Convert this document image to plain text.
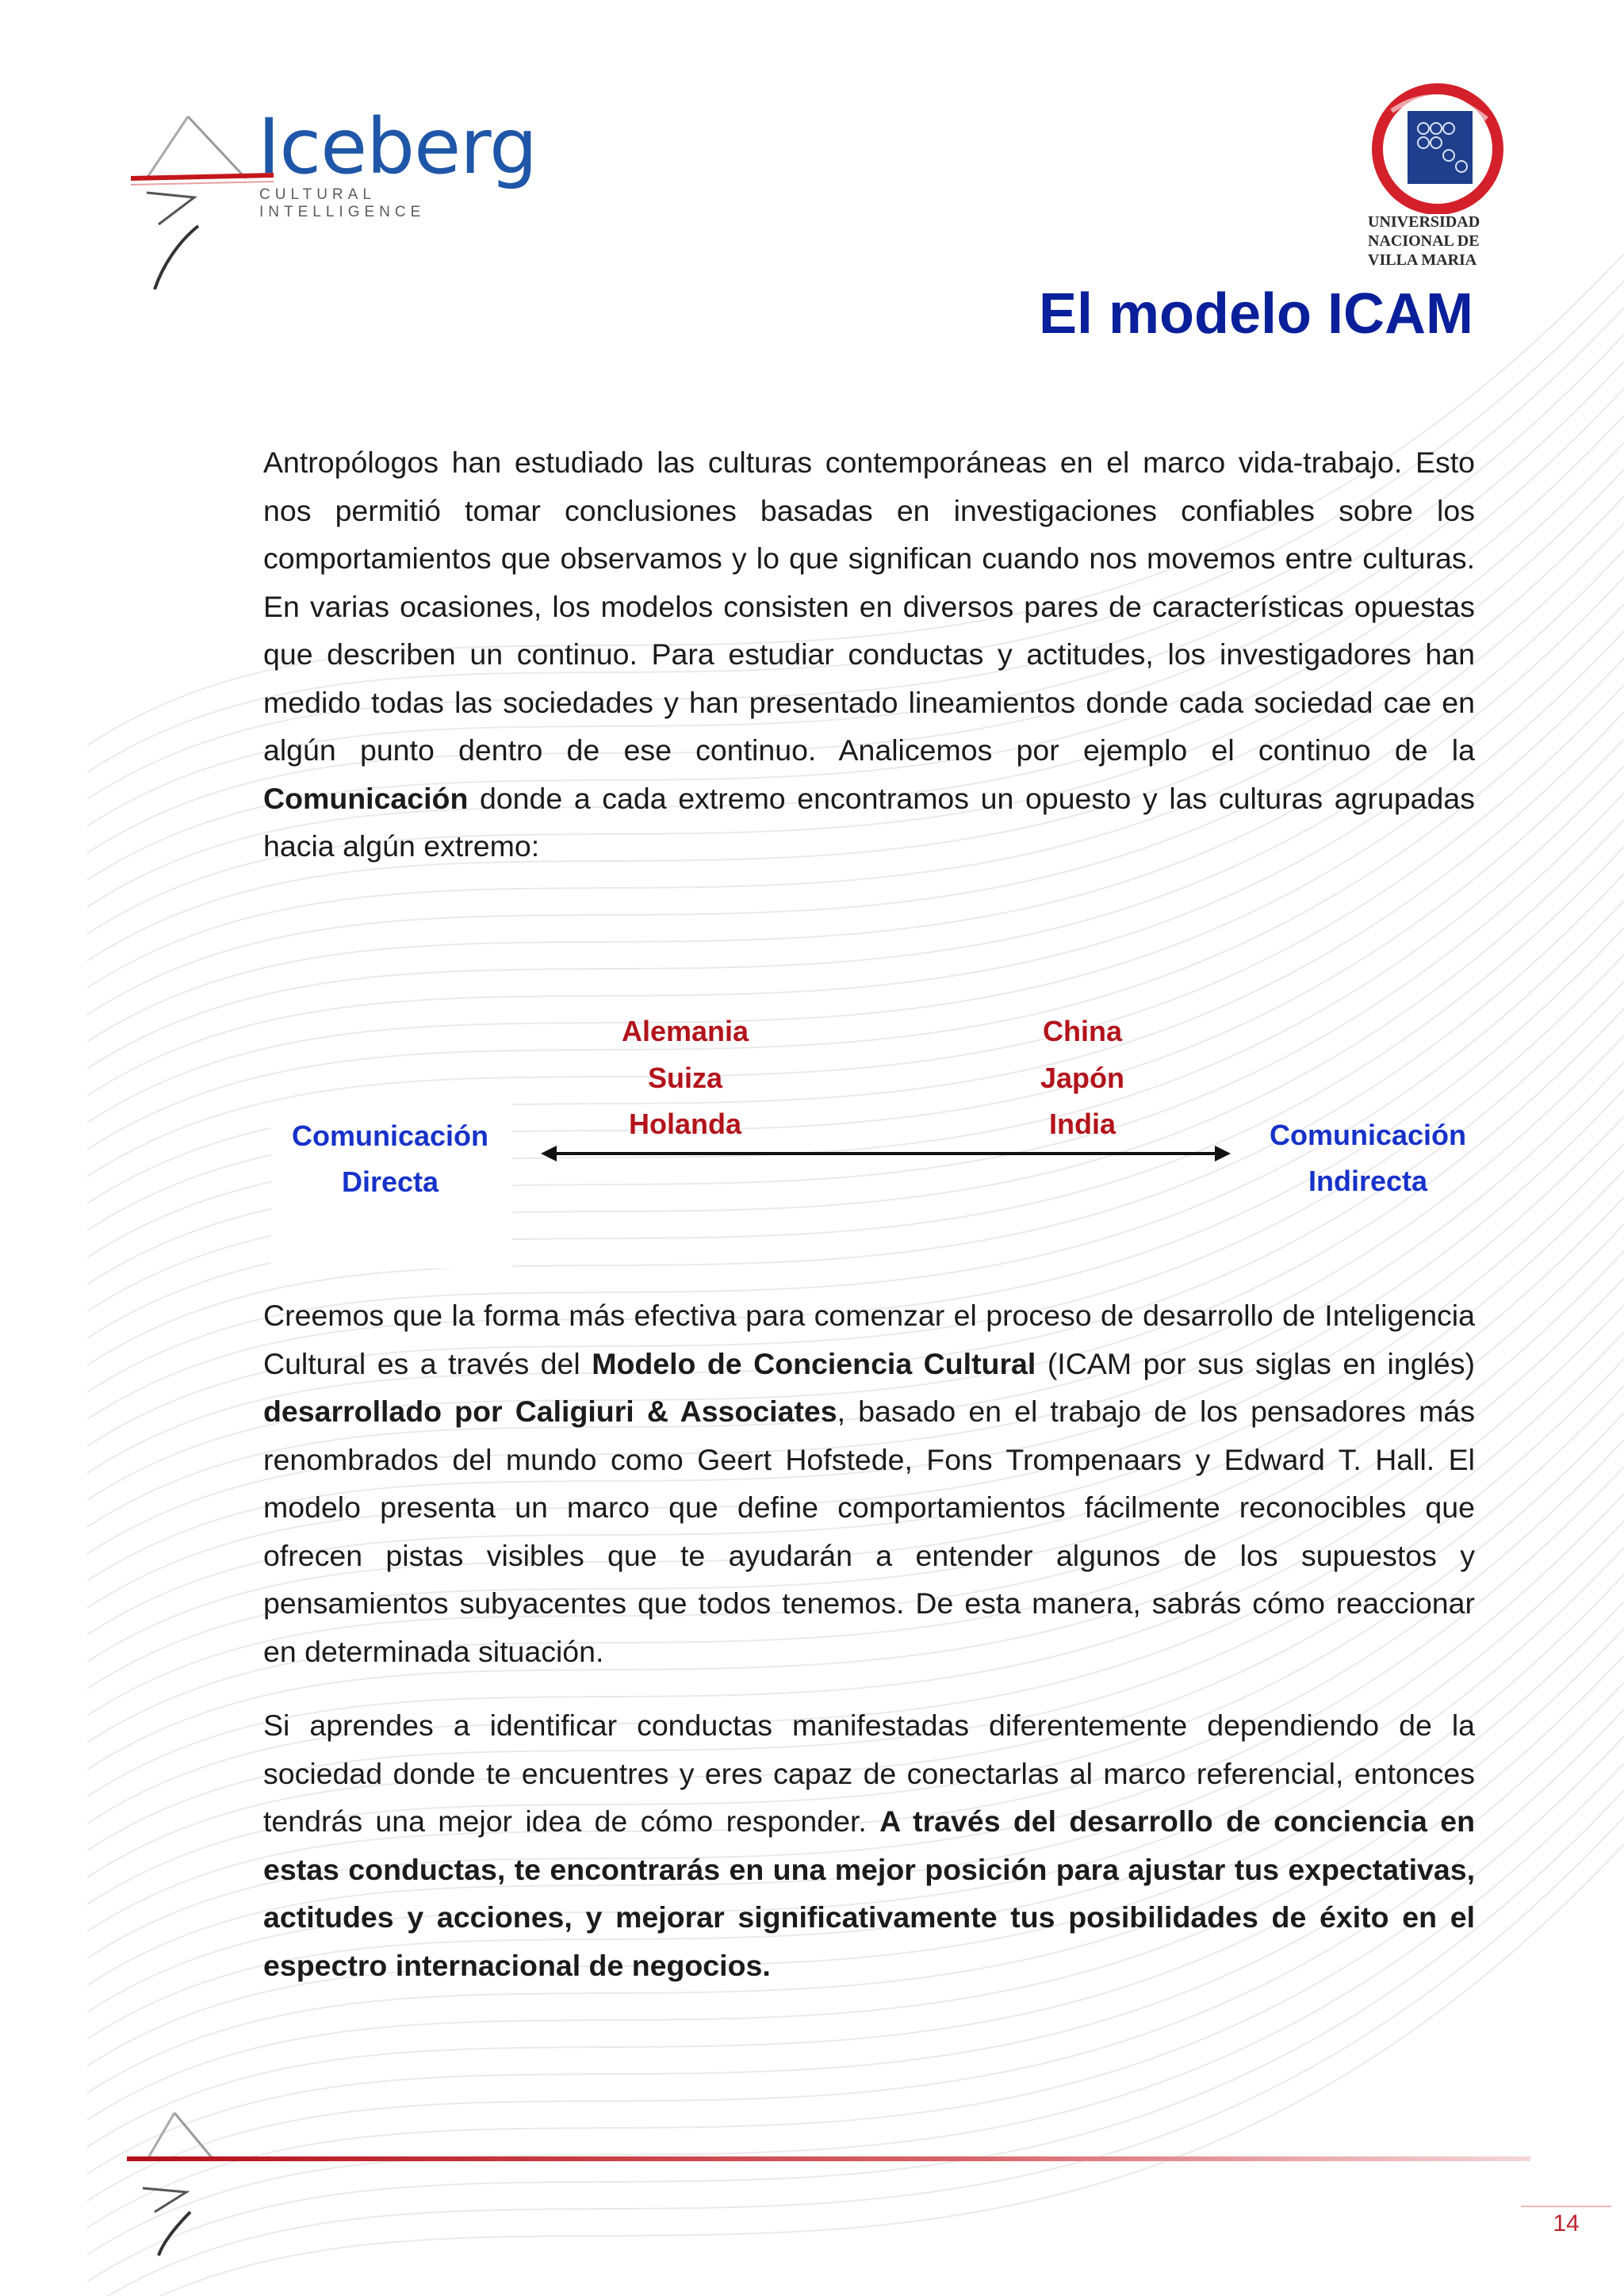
Iceberg
CULTURAL INTELLIGENCE
UNIVERSIDAD
NACIONAL DE
VILLA MARIA
El modelo ICAM

Antropólogos han estudiado las culturas contemporáneas en el marco vida-trabajo. Esto nos permitió tomar conclusiones basadas en investigaciones confiables sobre los comportamientos que observamos y lo que significan cuando nos movemos entre culturas. En varias ocasiones, los modelos consisten en diversos pares de características opuestas que describen un continuo. Para estudiar conductas y actitudes, los investigadores han medido todas las sociedades y han presentado lineamientos donde cada sociedad cae en algún punto dentro de ese continuo. Analicemos por ejemplo el continuo de la Comunicación donde a cada extremo encontramos un opuesto y las culturas agrupadas hacia algún extremo:

Comunicación
Directa
Comunicación
Indirecta
Alemania
Suiza
Holanda
China
Japón
India

Creemos que la forma más efectiva para comenzar el proceso de desarrollo de Inteligencia Cultural es a través del Modelo de Conciencia Cultural (ICAM por sus siglas en inglés) desarrollado por Caligiuri & Associates, basado en el trabajo de los pensadores más renombrados del mundo como Geert Hofstede, Fons Trompenaars y Edward T. Hall. El modelo presenta un marco que define comportamientos fácilmente reconocibles que ofrecen pistas visibles que te ayudarán a entender algunos de los supuestos y pensamientos subyacentes que todos tenemos. De esta manera, sabrás cómo reaccionar en determinada situación.

Si aprendes a identificar conductas manifestadas diferentemente dependiendo de la sociedad donde te encuentres y eres capaz de conectarlas al marco referencial, entonces tendrás una mejor idea de cómo responder. A través del desarrollo de conciencia en estas conductas, te encontrarás en una mejor posición para ajustar tus expectativas, actitudes y acciones, y mejorar significativamente tus posibilidades de éxito en el espectro internacional de negocios.

14
